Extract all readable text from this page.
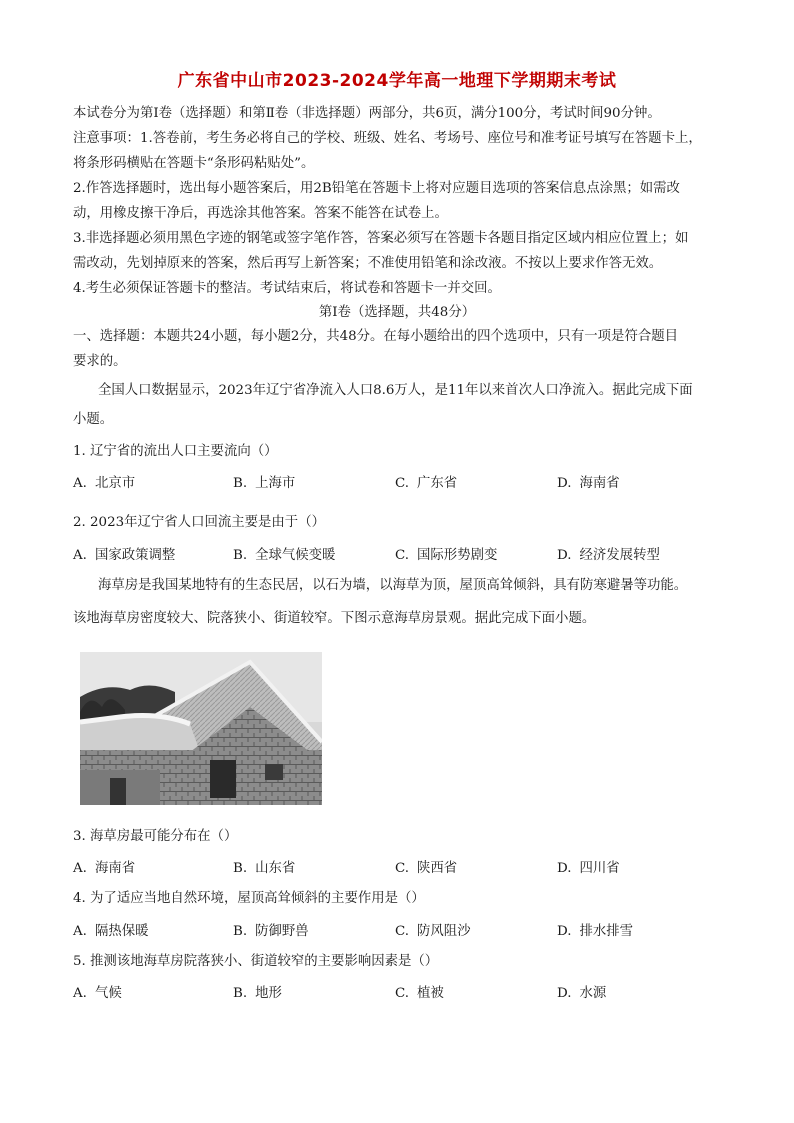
广东省中山市2023-2024学年高一地理下学期期末考试
本试卷分为第Ⅰ卷（选择题）和第Ⅱ卷（非选择题）两部分，共6页，满分100分，考试时间90分钟。
注意事项：1.答卷前，考生务必将自己的学校、班级、姓名、考场号、座位号和准考证号填写在答题卡上，
将条形码横贴在答题卡“条形码粘贴处”。
2.作答选择题时，选出每小题答案后，用2B铅笔在答题卡上将对应题目选项的答案信息点涂黑；如需改
动，用橡皮擦干净后，再选涂其他答案。答案不能答在试卷上。
3.非选择题必须用黑色字迹的钢笔或签字笔作答，答案必须写在答题卡各题目指定区域内相应位置上；如
需改动，先划掉原来的答案，然后再写上新答案；不准使用铅笔和涂改液。不按以上要求作答无效。
4.考生必须保证答题卡的整洁。考试结束后，将试卷和答题卡一并交回。
第Ⅰ卷（选择题，共48分）
一、选择题：本题共24小题，每小题2分，共48分。在每小题给出的四个选项中，只有一项是符合题目
要求的。
全国人口数据显示，2023年辽宁省净流入人口8.6万人，是11年以来首次人口净流入。据此完成下面
小题。
1. 辽宁省的流出人口主要流向（）
A. 北京市	B. 上海市	C. 广东省	D. 海南省
2. 2023年辽宁省人口回流主要是由于（）
A. 国家政策调整	B. 全球气候变暖	C. 国际形势剧变	D. 经济发展转型
海草房是我国某地特有的生态民居，以石为墙，以海草为顶，屋顶高耸倾斜，具有防寒避暑等功能。
该地海草房密度较大、院落狭小、街道较窄。下图示意海草房景观。据此完成下面小题。
3. 海草房最可能分布在（）
A. 海南省	B. 山东省	C. 陕西省	D. 四川省
4. 为了适应当地自然环境，屋顶高耸倾斜的主要作用是（）
A. 隔热保暖	B. 防御野兽	C. 防风阻沙	D. 排水排雪
5. 推测该地海草房院落狭小、街道较窄的主要影响因素是（）
A. 气候	B. 地形	C. 植被	D. 水源
